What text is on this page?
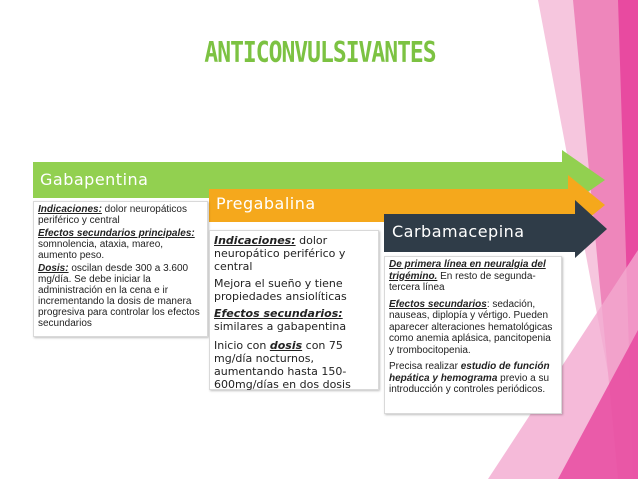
ANTICONVULSIVANTES
Gabapentina
Pregabalina
Carbamacepina

Indicaciones: dolor neuropáticos periférico y central

Efectos secundarios principales: somnolencia, ataxia, mareo, aumento peso.

Dosis: oscilan desde 300 a 3.600 mg/día. Se debe iniciar la administración en la cena e ir incrementando la dosis de manera progresiva para controlar los efectos secundarios

Indicaciones: dolor neuropático periférico y central

Mejora el sueño y tiene propiedades ansiolíticas

Efectos secundarios:
similares a gabapentina

Inicio con dosis con 75 mg/día nocturnos, aumentando hasta 150-600mg/días en dos dosis

De primera línea en neuralgia del trigémino. En resto de segunda-tercera línea

Efectos secundarios: sedación, nauseas, diplopía y vértigo. Pueden aparecer alteraciones hematológicas como anemia aplásica, pancitopenia y trombocitopenia.

Precisa realizar estudio de función hepática y hemograma previo a su introducción y controles periódicos.
